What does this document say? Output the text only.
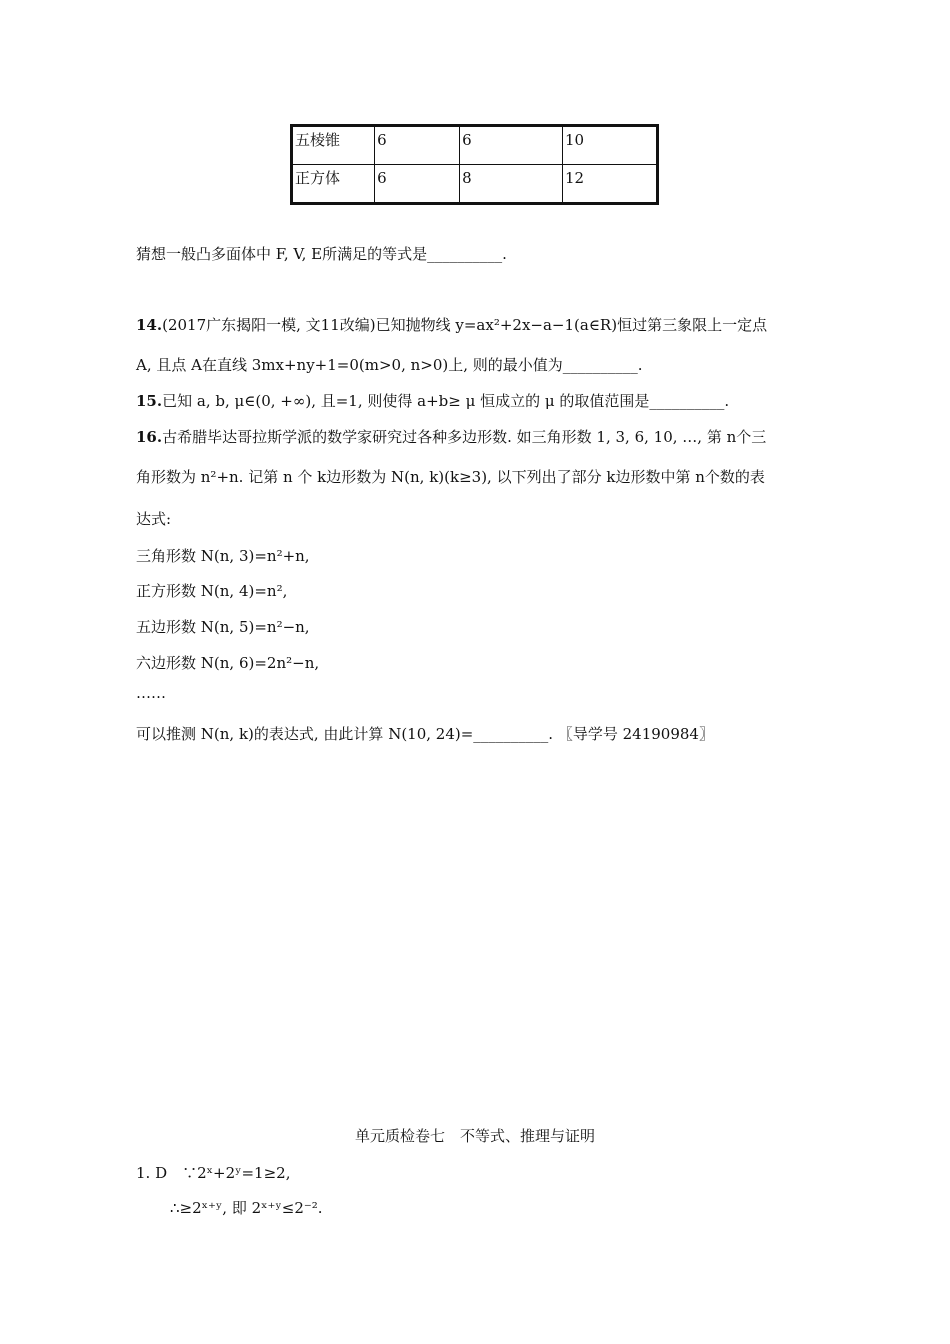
五棱锥	6	6	10
正方体	6	8	12
猜想一般凸多面体中 F, V, E所满足的等式是__________.
14.(2017广东揭阳一模, 文11改编)已知抛物线 y=ax²+2x−a−1(a∈R)恒过第三象限上一定点
A, 且点 A在直线 3mx+ny+1=0(m>0, n>0)上, 则的最小值为__________.
15.已知 a, b, μ∈(0, +∞), 且=1, 则使得 a+b≥ μ 恒成立的 μ 的取值范围是__________.
16.古希腊毕达哥拉斯学派的数学家研究过各种多边形数. 如三角形数 1, 3, 6, 10, …, 第 n个三
角形数为 n²+n. 记第 n 个 k边形数为 N(n, k)(k≥3), 以下列出了部分 k边形数中第 n个数的表
达式:
三角形数 N(n, 3)=n²+n,
正方形数 N(n, 4)=n²,
五边形数 N(n, 5)=n²−n,
六边形数 N(n, 6)=2n²−n,
……
可以推测 N(n, k)的表达式, 由此计算 N(10, 24)=__________. 〖导学号 24190984〗
单元质检卷七　不等式、推理与证明
1. D　∵2ˣ+2ʸ=1≥2,
∴≥2ˣ⁺ʸ, 即 2ˣ⁺ʸ≤2⁻².
